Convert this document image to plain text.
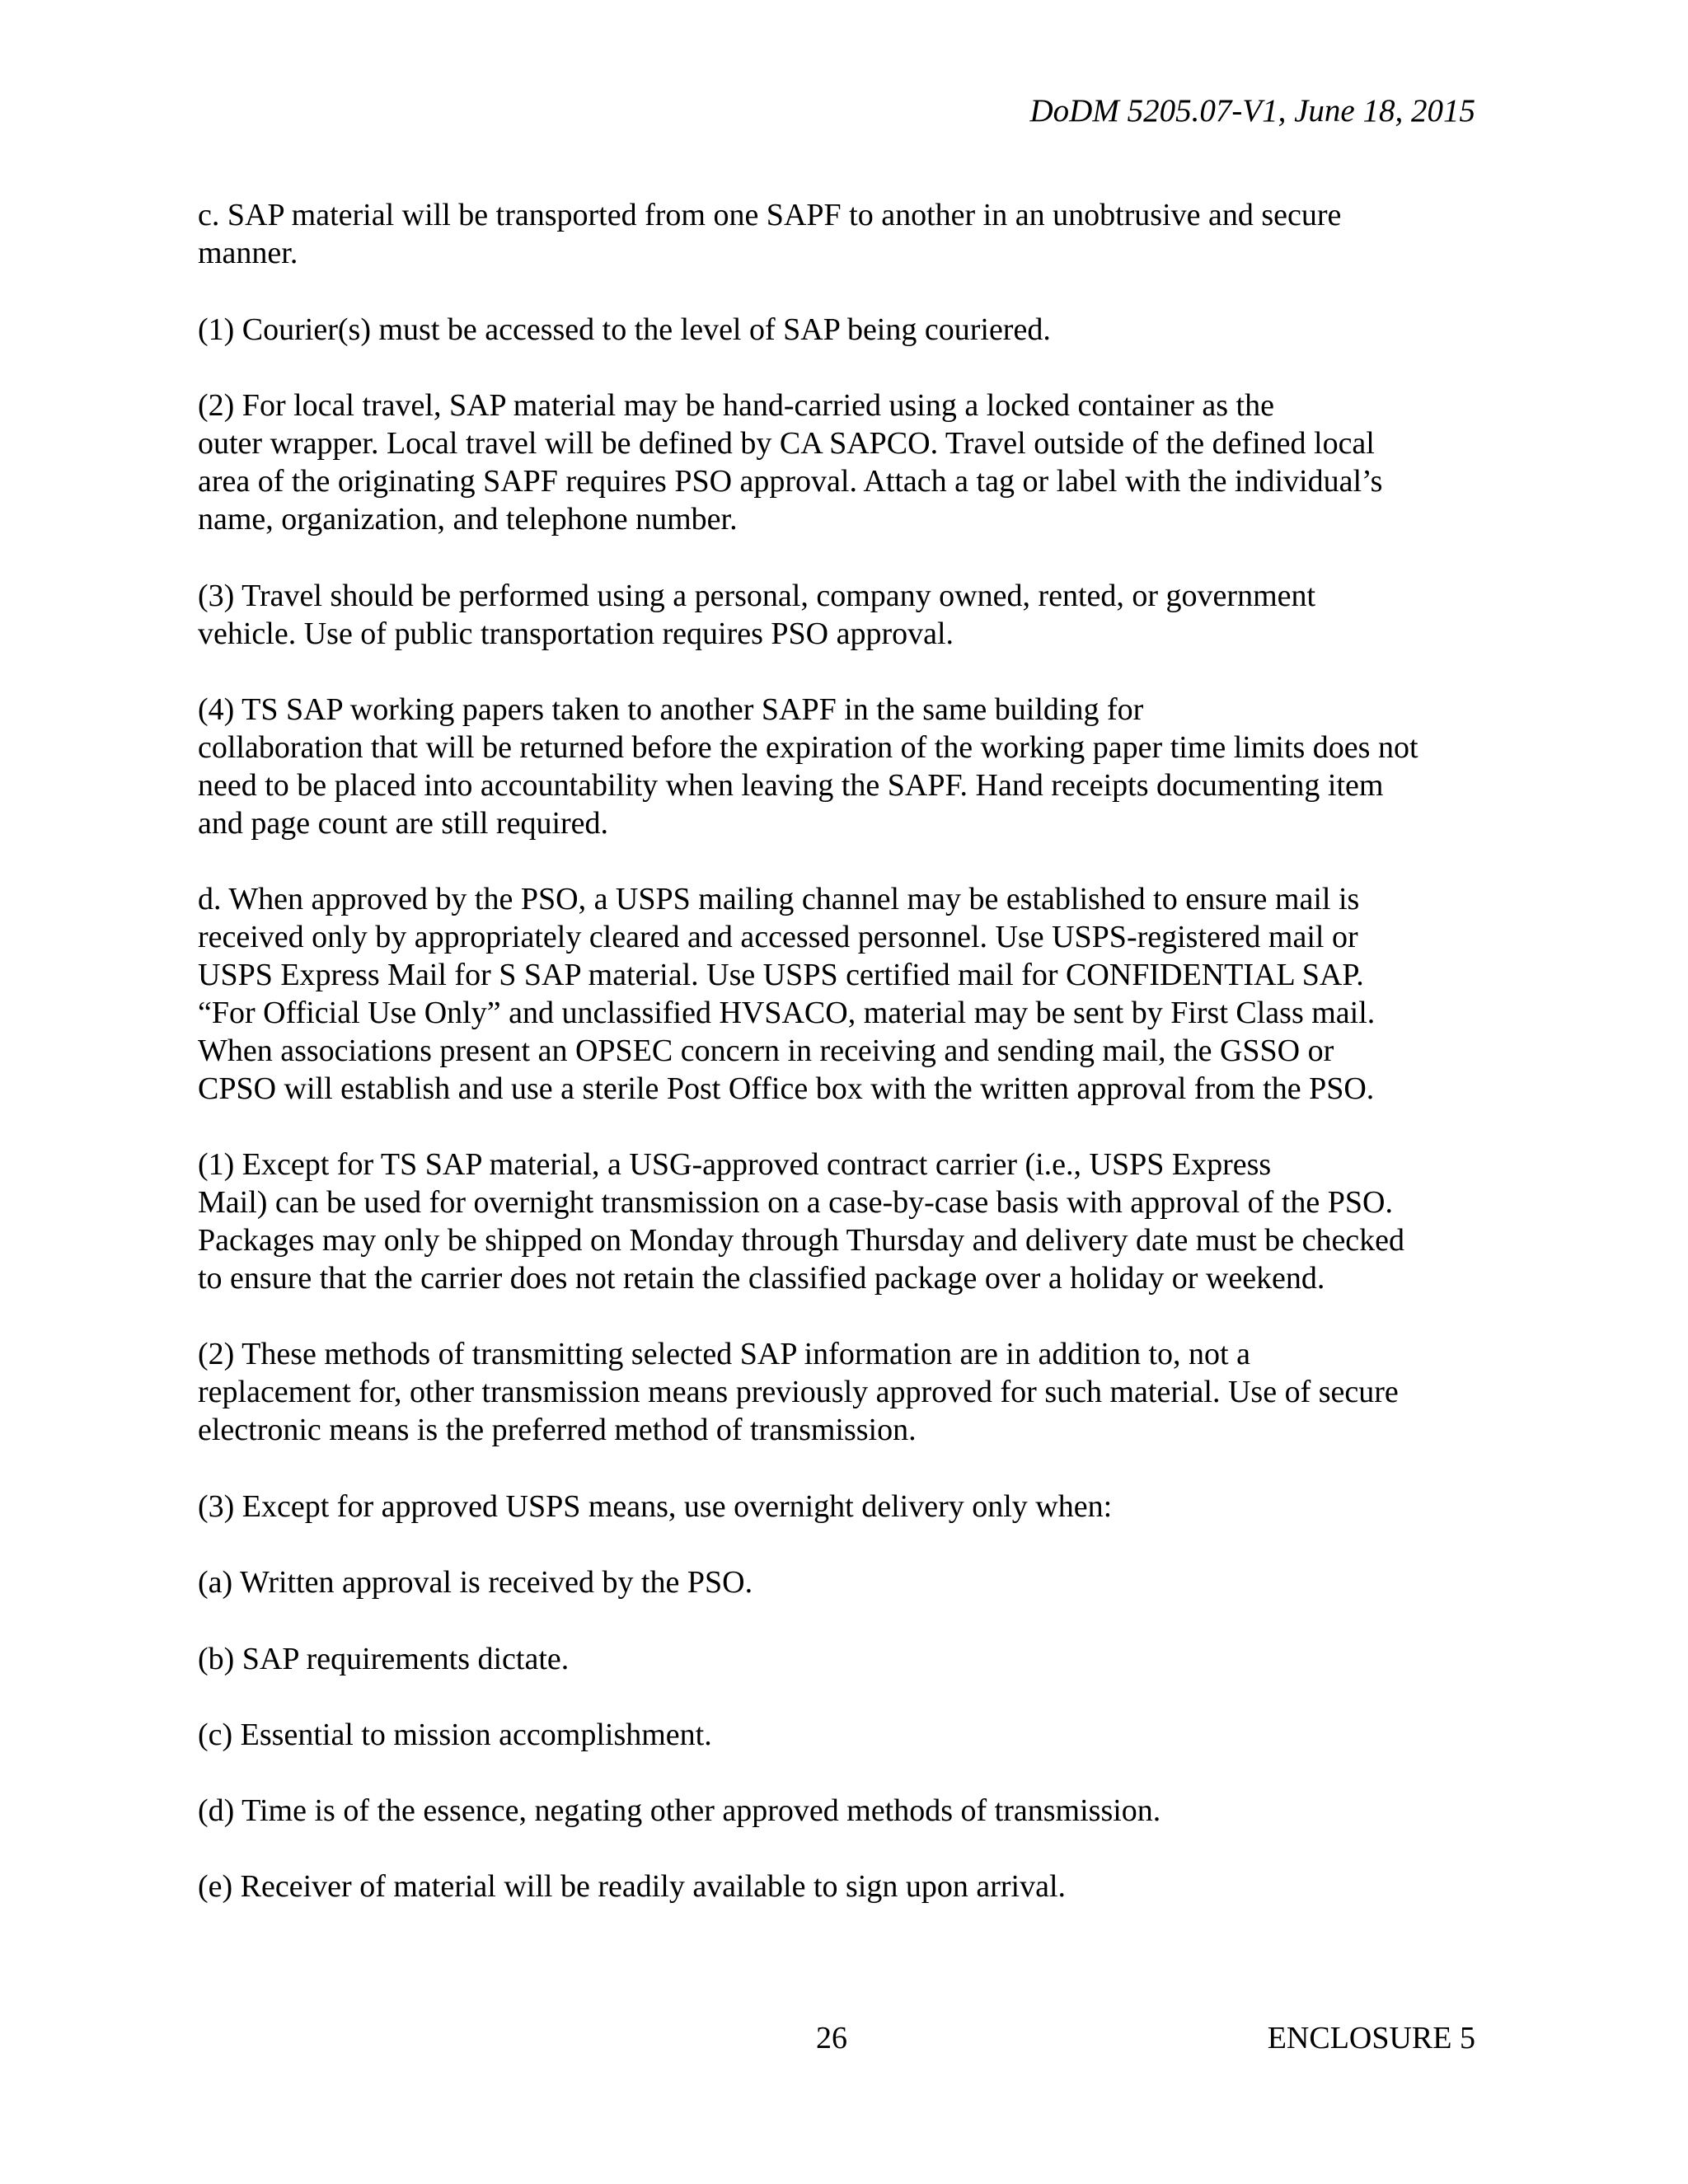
DoDM 5205.07-V1, June 18, 2015

c. SAP material will be transported from one SAPF to another in an unobtrusive and secure
manner.

(1) Courier(s) must be accessed to the level of SAP being couriered.

(2) For local travel, SAP material may be hand-carried using a locked container as the
outer wrapper. Local travel will be defined by CA SAPCO. Travel outside of the defined local
area of the originating SAPF requires PSO approval. Attach a tag or label with the individual’s
name, organization, and telephone number.

(3) Travel should be performed using a personal, company owned, rented, or government
vehicle. Use of public transportation requires PSO approval.

(4) TS SAP working papers taken to another SAPF in the same building for
collaboration that will be returned before the expiration of the working paper time limits does not
need to be placed into accountability when leaving the SAPF. Hand receipts documenting item
and page count are still required.

d. When approved by the PSO, a USPS mailing channel may be established to ensure mail is
received only by appropriately cleared and accessed personnel. Use USPS-registered mail or
USPS Express Mail for S SAP material. Use USPS certified mail for CONFIDENTIAL SAP.
“For Official Use Only” and unclassified HVSACO, material may be sent by First Class mail.
When associations present an OPSEC concern in receiving and sending mail, the GSSO or
CPSO will establish and use a sterile Post Office box with the written approval from the PSO.

(1) Except for TS SAP material, a USG-approved contract carrier (i.e., USPS Express
Mail) can be used for overnight transmission on a case-by-case basis with approval of the PSO.
Packages may only be shipped on Monday through Thursday and delivery date must be checked
to ensure that the carrier does not retain the classified package over a holiday or weekend.

(2) These methods of transmitting selected SAP information are in addition to, not a
replacement for, other transmission means previously approved for such material. Use of secure
electronic means is the preferred method of transmission.

(3) Except for approved USPS means, use overnight delivery only when:

(a) Written approval is received by the PSO.

(b) SAP requirements dictate.

(c) Essential to mission accomplishment.

(d) Time is of the essence, negating other approved methods of transmission.

(e) Receiver of material will be readily available to sign upon arrival.

26	ENCLOSURE 5
